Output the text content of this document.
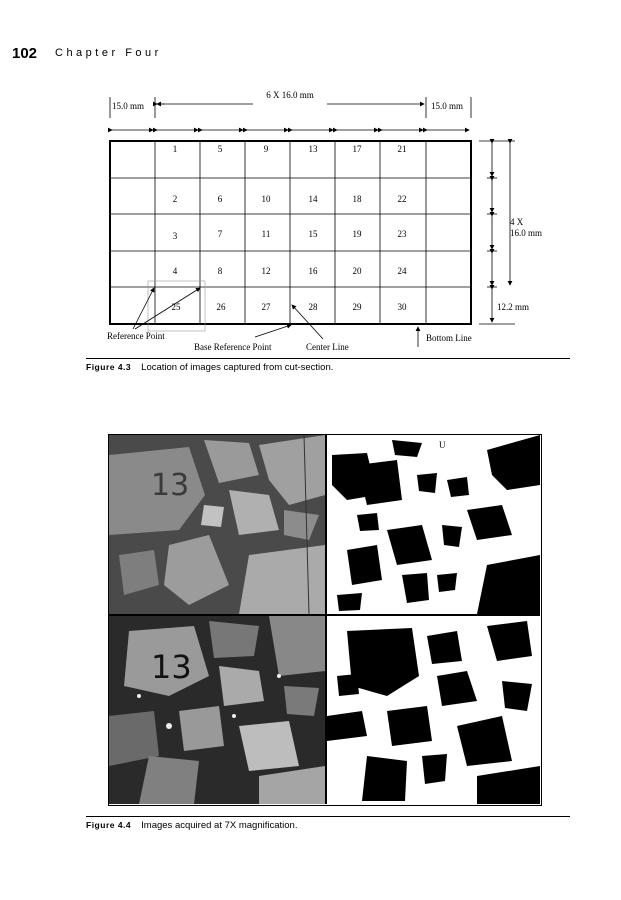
102 Chapter Four
6 X 16.0 mm
15.0 mm	15.0 mm
1	5	9	13	17	21
2	6	10	14	18	22
3	7	11	15	19	23
4	8	12	16	20	24
25	26	27	28	29	30
4 X
16.0 mm
12.2 mm
Reference Point
Base Reference Point	Center Line
Bottom Line
Figure 4.3 Location of images captured from cut-section.
13
U
13
Figure 4.4 Images acquired at 7X magnification.
